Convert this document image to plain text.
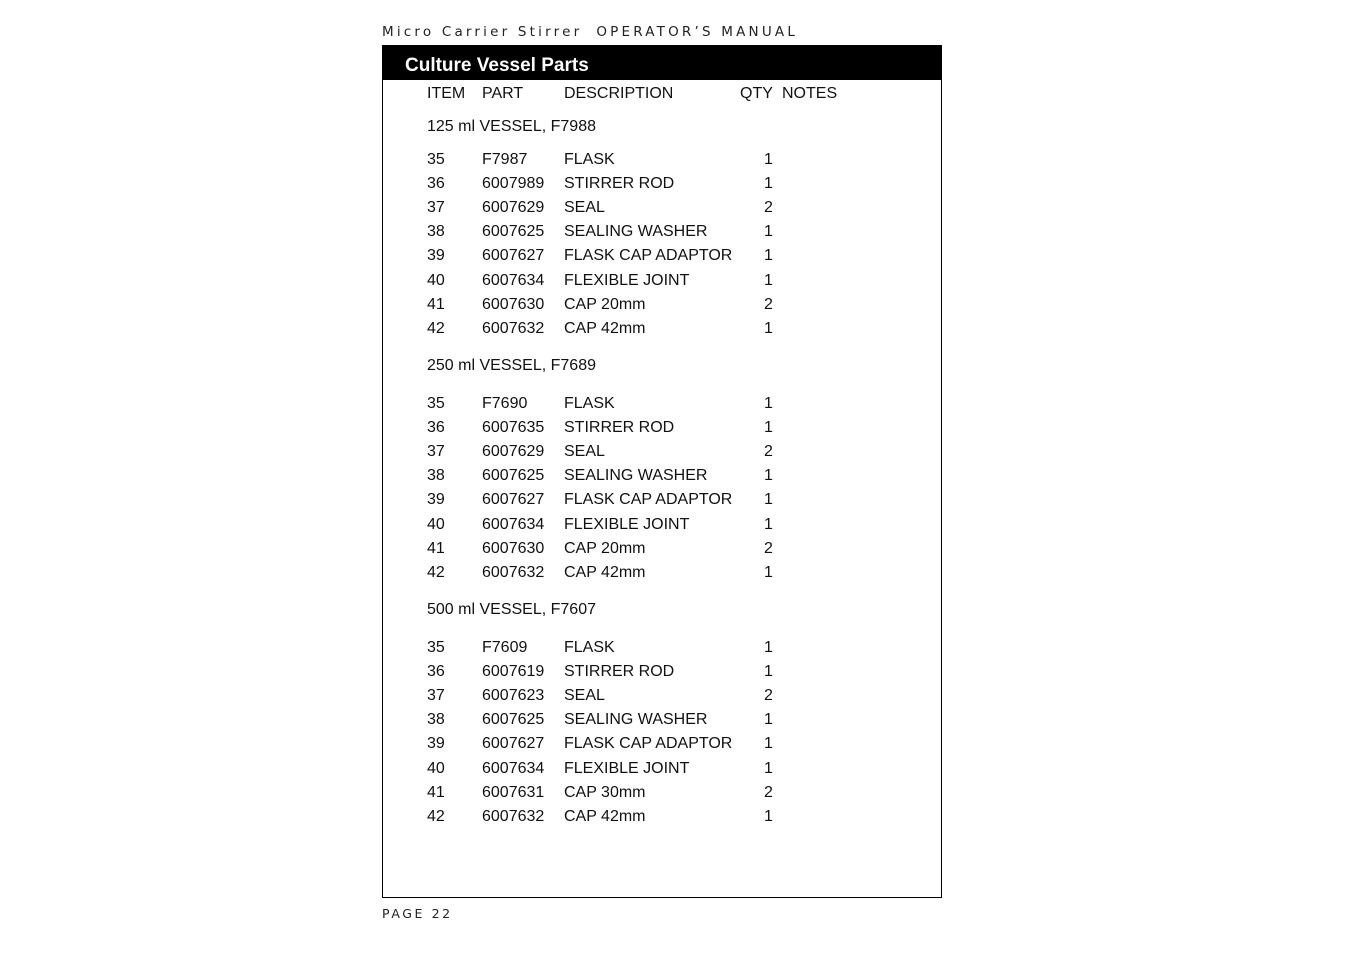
Micro Carrier Stirrer OPERATOR’S MANUAL
Culture Vessel Parts
ITEM PART	DESCRIPTION	QTY NOTES
125 ml VESSEL, F7988
35 F7987 FLASK	1
36 6007989 STIRRER ROD	1
37 6007629 SEAL	2
38 6007625 SEALING WASHER	1
39 6007627 FLASK CAP ADAPTOR 1
40 6007634 FLEXIBLE JOINT	1
41 6007630 CAP 20mm	2
42 6007632 CAP 42mm	1
250 ml VESSEL, F7689
35 F7690 FLASK	1
36 6007635 STIRRER ROD	1
37 6007629 SEAL	2
38 6007625 SEALING WASHER	1
39 6007627 FLASK CAP ADAPTOR 1
40 6007634 FLEXIBLE JOINT	1
41 6007630 CAP 20mm	2
42 6007632 CAP 42mm	1
500 ml VESSEL, F7607
35 F7609 FLASK	1
36 6007619 STIRRER ROD	1
37 6007623 SEAL	2
38 6007625 SEALING WASHER	1
39 6007627 FLASK CAP ADAPTOR 1
40 6007634 FLEXIBLE JOINT	1
41 6007631 CAP 30mm	2
42 6007632 CAP 42mm	1
PAGE 22
